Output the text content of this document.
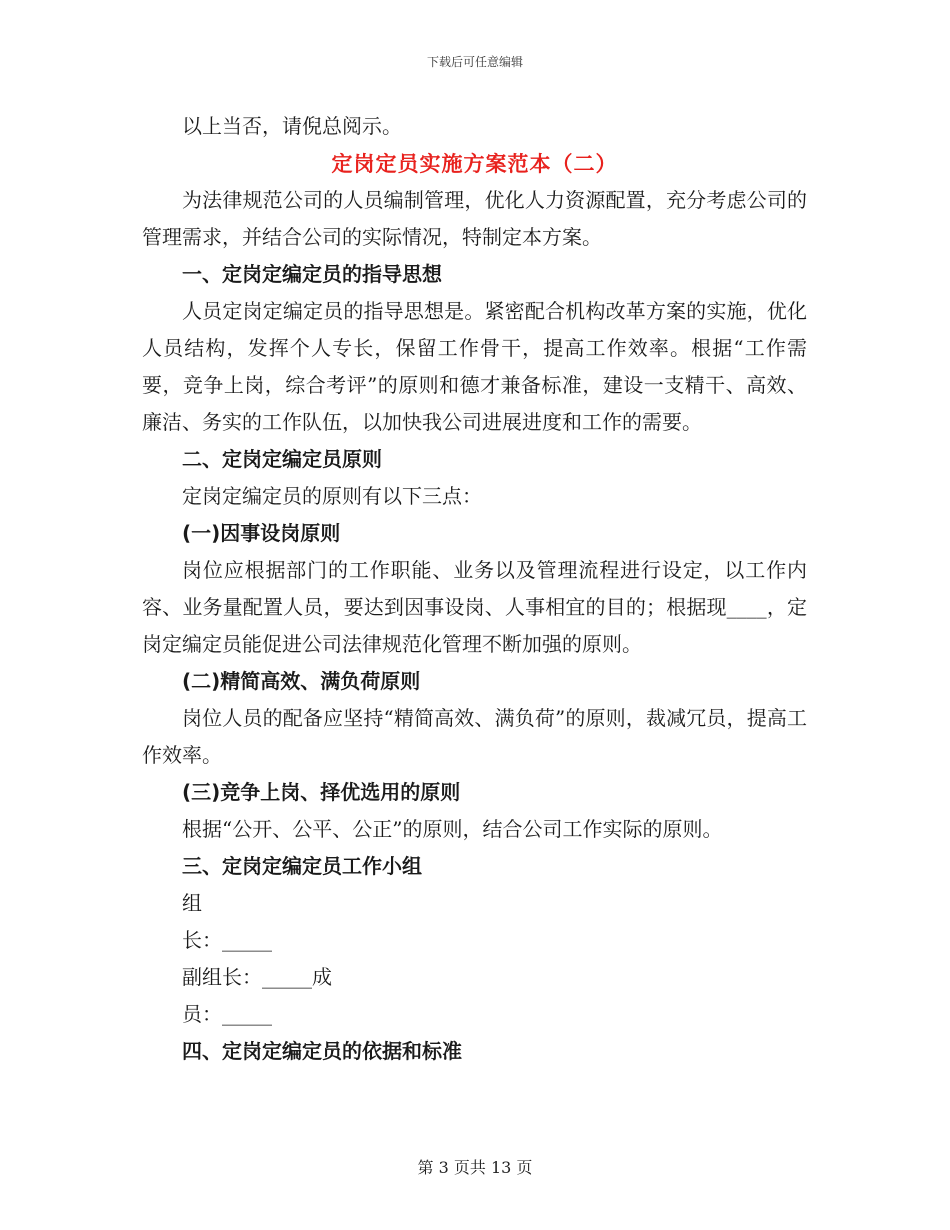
下载后可任意编辑

以上当否，请倪总阅示。

定岗定员实施方案范本（二）

为法律规范公司的人员编制管理，优化人力资源配置，充分考虑公司的管理需求，并结合公司的实际情况，特制定本方案。

一、定岗定编定员的指导思想

人员定岗定编定员的指导思想是。紧密配合机构改革方案的实施，优化人员结构，发挥个人专长，保留工作骨干，提高工作效率。根据“工作需要，竞争上岗，综合考评”的原则和德才兼备标准，建设一支精干、高效、廉洁、务实的工作队伍，以加快我公司进展进度和工作的需要。

二、定岗定编定员原则

定岗定编定员的原则有以下三点：

(一)因事设岗原则

岗位应根据部门的工作职能、业务以及管理流程进行设定，以工作内容、业务量配置人员，要达到因事设岗、人事相宜的目的；根据现____，定岗定编定员能促进公司法律规范化管理不断加强的原则。

(二)精简高效、满负荷原则

岗位人员的配备应坚持“精简高效、满负荷”的原则，裁减冗员，提高工作效率。

(三)竞争上岗、择优选用的原则

根据“公开、公平、公正”的原则，结合公司工作实际的原则。

三、定岗定编定员工作小组

组

长：_____

副组长：_____成

员：_____

四、定岗定编定员的依据和标准

第 3 页共 13 页
